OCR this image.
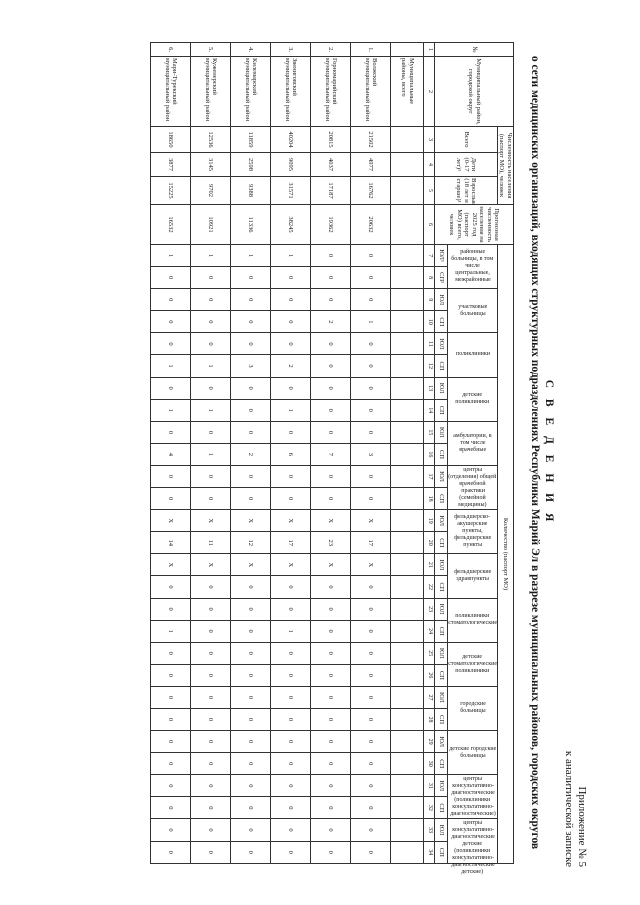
Приложение № 5
к аналитической записке
С В Е Д Е Н И Я
о сети медицинских организаций, входящих структурных подразделениях Республики Марий Эл в разрезе муниципальных районов, городских округов
№	Муниципальный район, городской округ	Численность населения (паспорт МО), человек			Прогнозная численность населения на 2025 год (паспорт МО) всего, человек	Количество (паспорт МО)																											
		Всего	Дети (0-17 лет)¹	Взрослые (18 лет и старше)¹		районные больницы, в том числе центральные, межрайонные		участковые больницы		поликлиники		детские поликлиники		амбулатории, в том числе врачебные		центры (отделения) общей врачебной практики (семейной медицины)		фельдшерско-акушерские пункты, фельдшерские пункты		фельдшерские здравпункты		поликлиники стоматологические		детские стоматологические поликлиники		городские больницы		детские городские больницы		центры консультативно-диагностические (поликлиники консультативно-диагностические)		центры консультативно-диагностические детские (поликлиники консультативно-диагностические детские)	

						ЮЛ¹	СП²	ЮЛ	СП	ЮЛ	СП	ЮЛ	СП	ЮЛ	СП	ЮЛ	СП	ЮЛ	СП	ЮЛ	СП	ЮЛ	СП	ЮЛ	СП	ЮЛ	СП	ЮЛ	СП	ЮЛ	СП	ЮЛ	СП
1	2	3	4	5	6	7	8	9	10	11	12	13	14	15	16	17	18	19	20	21	22	23	24	25	26	27	28	29	30	31	32	33	34
	Муниципальные районы, всего																																
1.	Волжский муниципальный район	21502	4977	16762	20632	0	0	0	1	0	0	0	0	0	3	0	0	X	17	X	0	0	0	0	0	0	0	0	0	0	0	0	0
2.	Горномарийский муниципальный район	20815	4037	17187	19362	0	0	0	2	0	0	0	0	0	7	0	0	X	23	X	0	0	0	0	0	0	0	0	0	0	0	0	0
3.	Звениговский муниципальный район	40204	9095	31571	38245	1	0	0	0	0	2	0	1	0	6	0	0	X	17	X	0	0	1	0	0	0	0	0	0	0	0	0	0
4.	Килемарский муниципальный район	11859	2598	9388	11336	1	0	0	0	0	3	0	0	0	2	0	0	X	12	X	0	0	0	0	0	0	0	0	0	0	0	0	0
5.	Куженерский муниципальный район	12536	3145	9702	10921	1	0	0	0	0	1	0	1	0	1	0	0	X	11	X	0	0	0	0	0	0	0	0	0	0	0	0	0
6.	Мари-Турекский муниципальный район	18650	3877	15225	16532	1	0	0	0	0	1	0	1	0	4	0	0	X	14	X	0	0	1	0	0	0	0	0	0	0	0	0	0
